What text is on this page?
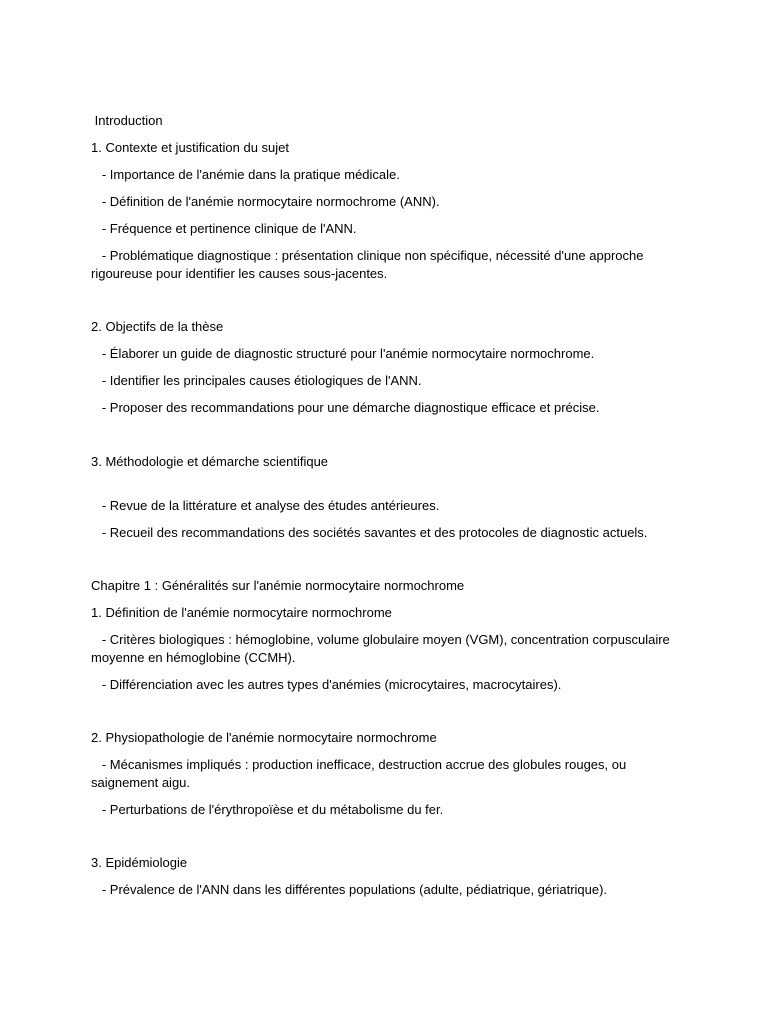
Introduction

1. Contexte et justification du sujet

- Importance de l'anémie dans la pratique médicale.

- Définition de l'anémie normocytaire normochrome (ANN).

- Fréquence et pertinence clinique de l'ANN.

- Problématique diagnostique : présentation clinique non spécifique, nécessité d'une approche rigoureuse pour identifier les causes sous-jacentes.

2. Objectifs de la thèse

- Élaborer un guide de diagnostic structuré pour l'anémie normocytaire normochrome.

- Identifier les principales causes étiologiques de l'ANN.

- Proposer des recommandations pour une démarche diagnostique efficace et précise.

3. Méthodologie et démarche scientifique

- Revue de la littérature et analyse des études antérieures.

- Recueil des recommandations des sociétés savantes et des protocoles de diagnostic actuels.

Chapitre 1 : Généralités sur l'anémie normocytaire normochrome

1. Définition de l'anémie normocytaire normochrome

- Critères biologiques : hémoglobine, volume globulaire moyen (VGM), concentration corpusculaire moyenne en hémoglobine (CCMH).

- Différenciation avec les autres types d'anémies (microcytaires, macrocytaires).

2. Physiopathologie de l'anémie normocytaire normochrome

- Mécanismes impliqués : production inefficace, destruction accrue des globules rouges, ou saignement aigu.

- Perturbations de l'érythropoïèse et du métabolisme du fer.

3. Epidémiologie

- Prévalence de l'ANN dans les différentes populations (adulte, pédiatrique, gériatrique).
